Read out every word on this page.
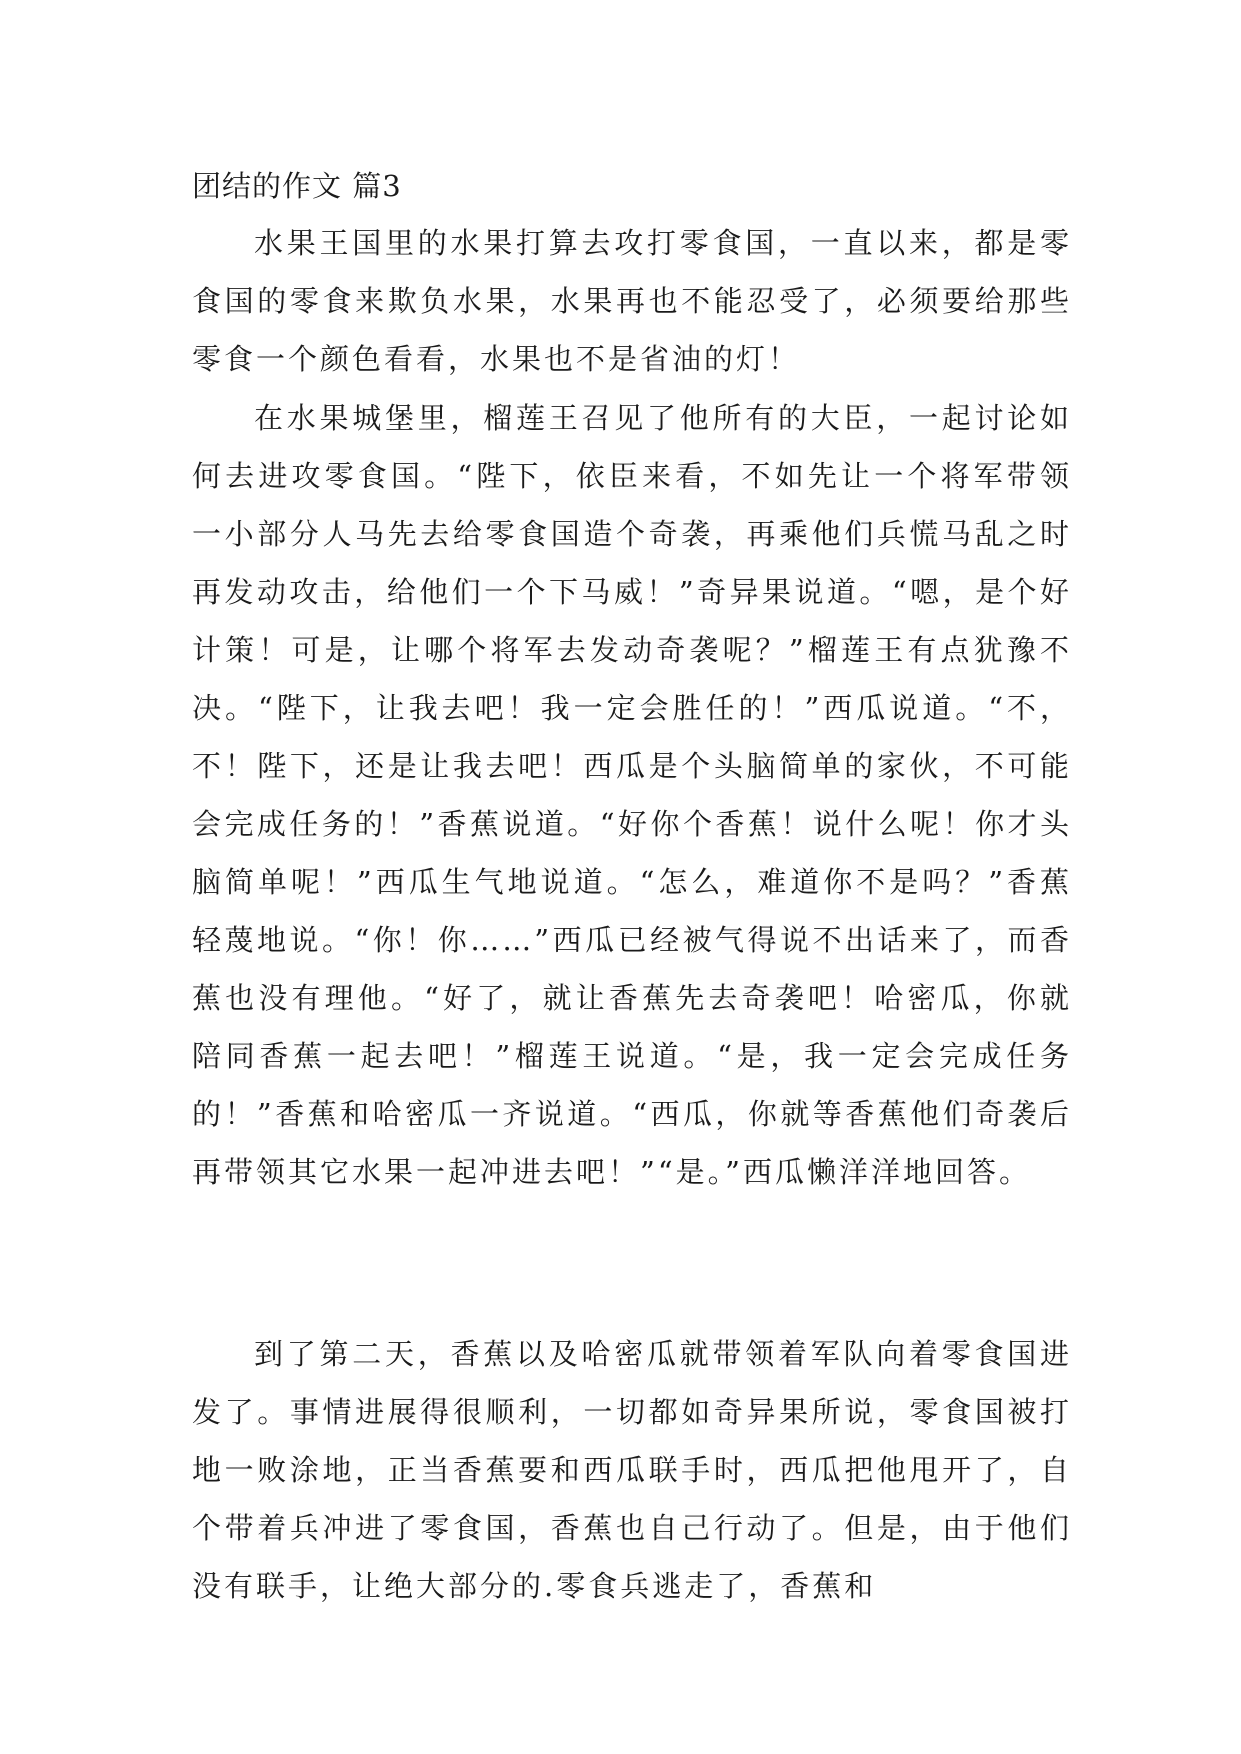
团结的作文 篇3

水果王国里的水果打算去攻打零食国，一直以来，都是零食国的零食来欺负水果，水果再也不能忍受了，必须要给那些零食一个颜色看看，水果也不是省油的灯！

在水果城堡里，榴莲王召见了他所有的大臣，一起讨论如何去进攻零食国。“陛下，依臣来看，不如先让一个将军带领一小部分人马先去给零食国造个奇袭，再乘他们兵慌马乱之时再发动攻击，给他们一个下马威！”奇异果说道。“嗯，是个好计策！可是，让哪个将军去发动奇袭呢？”榴莲王有点犹豫不决。“陛下，让我去吧！我一定会胜任的！”西瓜说道。“不，不！陛下，还是让我去吧！西瓜是个头脑简单的家伙，不可能会完成任务的！”香蕉说道。“好你个香蕉！说什么呢！你才头脑简单呢！”西瓜生气地说道。“怎么，难道你不是吗？”香蕉轻蔑地说。“你！你……”西瓜已经被气得说不出话来了，而香蕉也没有理他。“好了，就让香蕉先去奇袭吧！哈密瓜，你就陪同香蕉一起去吧！”榴莲王说道。“是，我一定会完成任务的！”香蕉和哈密瓜一齐说道。“西瓜，你就等香蕉他们奇袭后再带领其它水果一起冲进去吧！”“是。”西瓜懒洋洋地回答。

到了第二天，香蕉以及哈密瓜就带领着军队向着零食国进发了。事情进展得很顺利，一切都如奇异果所说，零食国被打地一败涂地，正当香蕉要和西瓜联手时，西瓜把他甩开了，自个带着兵冲进了零食国，香蕉也自己行动了。但是，由于他们没有联手，让绝大部分的.零食兵逃走了，香蕉和
